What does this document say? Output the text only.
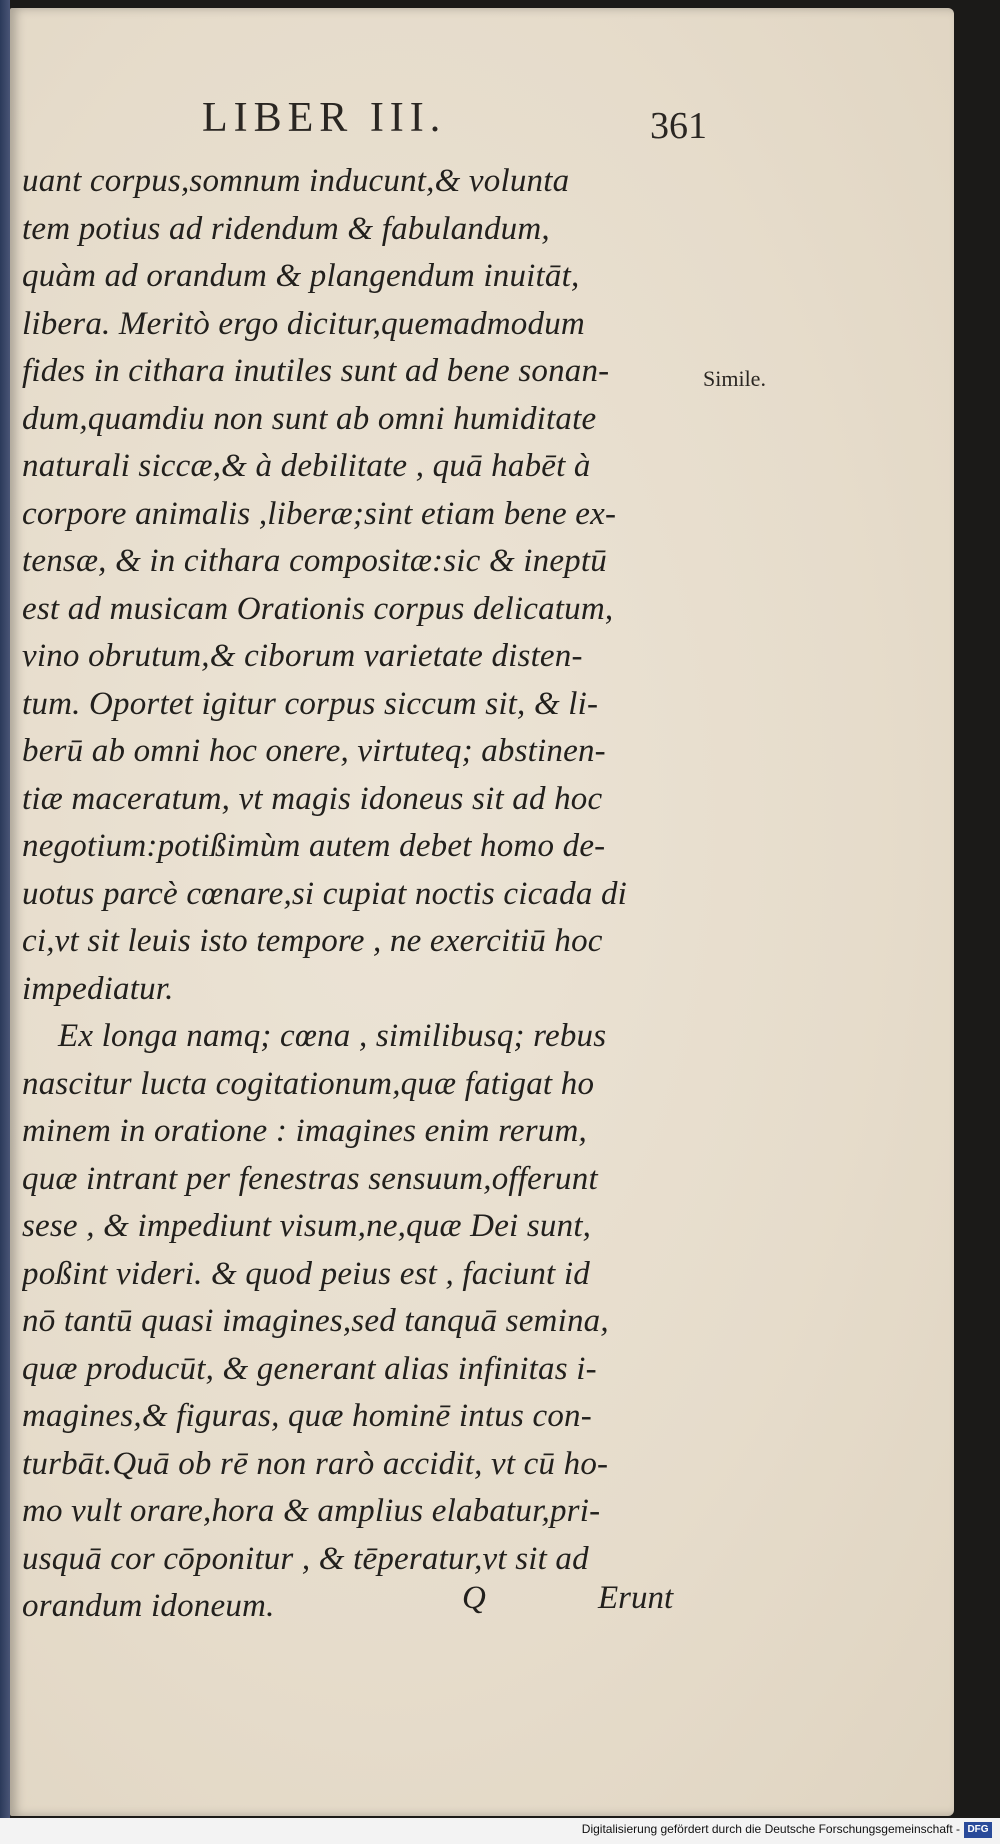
LIBER III.	361
uant corpus,somnum inducunt,& volunta
tem potius ad ridendum & fabulandum,
quàm ad orandum & plangendum inuitāt,
libera. Meritò ergo dicitur,quemadmodum
fides in cithara inutiles sunt ad bene sonan-
dum,quamdiu non sunt ab omni humiditate
naturali siccæ,& à debilitate , quā habēt à
corpore animalis ,liberæ;sint etiam bene ex-
tensæ, & in cithara compositæ:sic & ineptū
est ad musicam Orationis corpus delicatum,
vino obrutum,& ciborum varietate disten-
tum. Oportet igitur corpus siccum sit, & li-
berū ab omni hoc onere, virtuteq; abstinen-
tiæ maceratum, vt magis idoneus sit ad hoc
negotium:potißimùm autem debet homo de-
uotus parcè cœnare,si cupiat noctis cicada di
ci,vt sit leuis isto tempore , ne exercitiū hoc
impediatur.
Ex longa namq; cœna , similibusq; rebus
nascitur lucta cogitationum,quæ fatigat ho
minem in oratione : imagines enim rerum,
quæ intrant per fenestras sensuum,offerunt
sese , & impediunt visum,ne,quæ Dei sunt,
poßint videri. & quod peius est , faciunt id
nō tantū quasi imagines,sed tanquā semina,
quæ producūt, & generant alias infinitas i-
magines,& figuras, quæ hominē intus con-
turbāt.Quā ob rē non rarò accidit, vt cū ho-
mo vult orare,hora & amplius elabatur,pri-
usquā cor cōponitur , & tēperatur,vt sit ad
orandum idoneum.
Simile.
Q	Erunt
Digitalisierung gefördert durch die Deutsche Forschungsgemeinschaft - DFG
